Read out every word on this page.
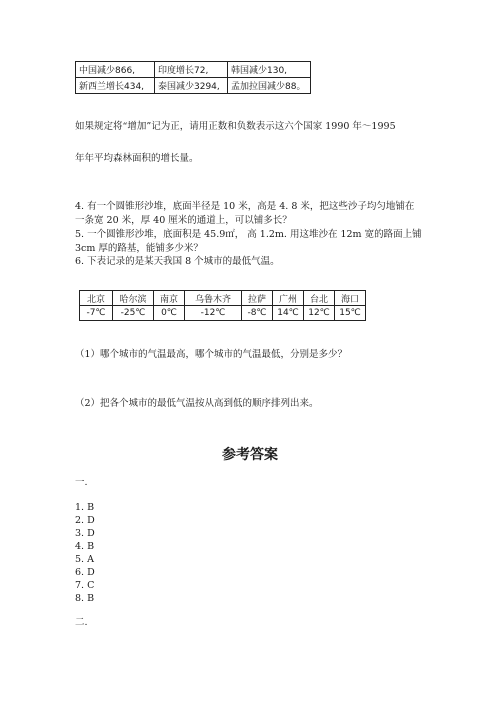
中国减少866,	印度增长72,	韩国减少130,
新西兰增长434,	泰国减少3294,	孟加拉国减少88。
如果规定将“增加”记为正，请用正数和负数表示这六个国家 1990 年～1995
年年平均森林面积的增长量。
4. 有一个圆锥形沙堆，底面半径是 10 米，高是 4. 8 米，把这些沙子均匀地铺在
一条宽 20 米，厚 40 厘米的通道上，可以铺多长？
5. 一个圆锥形沙堆，底面积是 45.9㎡， 高 1.2m. 用这堆沙在 12m 宽的路面上铺
3cm 厚的路基，能铺多少米？
6. 下表记录的是某天我国 8 个城市的最低气温。
北京	哈尔滨	南京	乌鲁木齐	拉萨	广州	台北	海口
-7℃	-25℃	0℃	-12℃	-8℃	14℃	12℃	15℃
（1）哪个城市的气温最高，哪个城市的气温最低，分别是多少？
（2）把各个城市的最低气温按从高到低的顺序排列出来。
参考答案
一.
1. B
2. D
3. D
4. B
5. A
6. D
7. C
8. B
二.
